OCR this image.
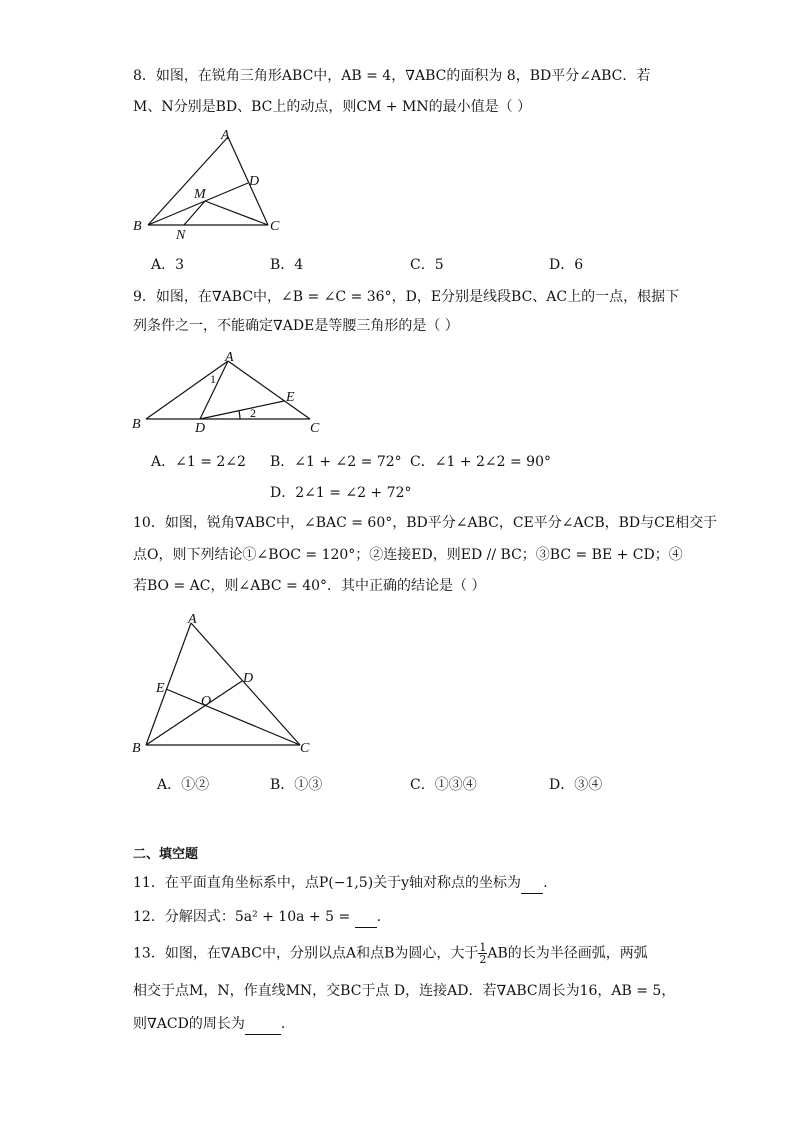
8．如图，在锐角三角形ABC中，AB = 4，∇ABC的面积为 8，BD平分∠ABC．若
M、N分别是BD、BC上的动点，则CM + MN的最小值是（ ）
A
B	C
D
M
N
A．3	B．4	C．5	D．6
9．如图，在∇ABC中，∠B = ∠C = 36°，D，E分别是线段BC、AC上的一点，根据下
列条件之一，不能确定∇ADE是等腰三角形的是（ ）
A
B	C
D
E
1
2
A．∠1 = 2∠2 B．∠1 + ∠2 = 72° C．∠1 + 2∠2 = 90°
D．2∠1 = ∠2 + 72°
10．如图，锐角∇ABC中，∠BAC = 60°，BD平分∠ABC，CE平分∠ACB，BD与CE相交于
点O，则下列结论①∠BOC = 120°；②连接ED，则ED // BC；③BC = BE + CD；④
若BO = AC，则∠ABC = 40°．其中正确的结论是（ ）
A
B	C
D
E
O
A．①②	B．①③	C．①③④	D．③④
二、填空题
11．在平面直角坐标系中，点P(−1,5)关于y轴对称点的坐标为 .
12．分解因式：5a² + 10a + 5 = .
13．如图，在∇ABC中，分别以点A和点B为圆心，大于 $\frac{1}{2}$ AB的长为半径画弧，两弧
相交于点M，N，作直线MN，交BC于点 D，连接AD．若∇ABC周长为16，AB = 5，
则∇ACD的周长为	.
